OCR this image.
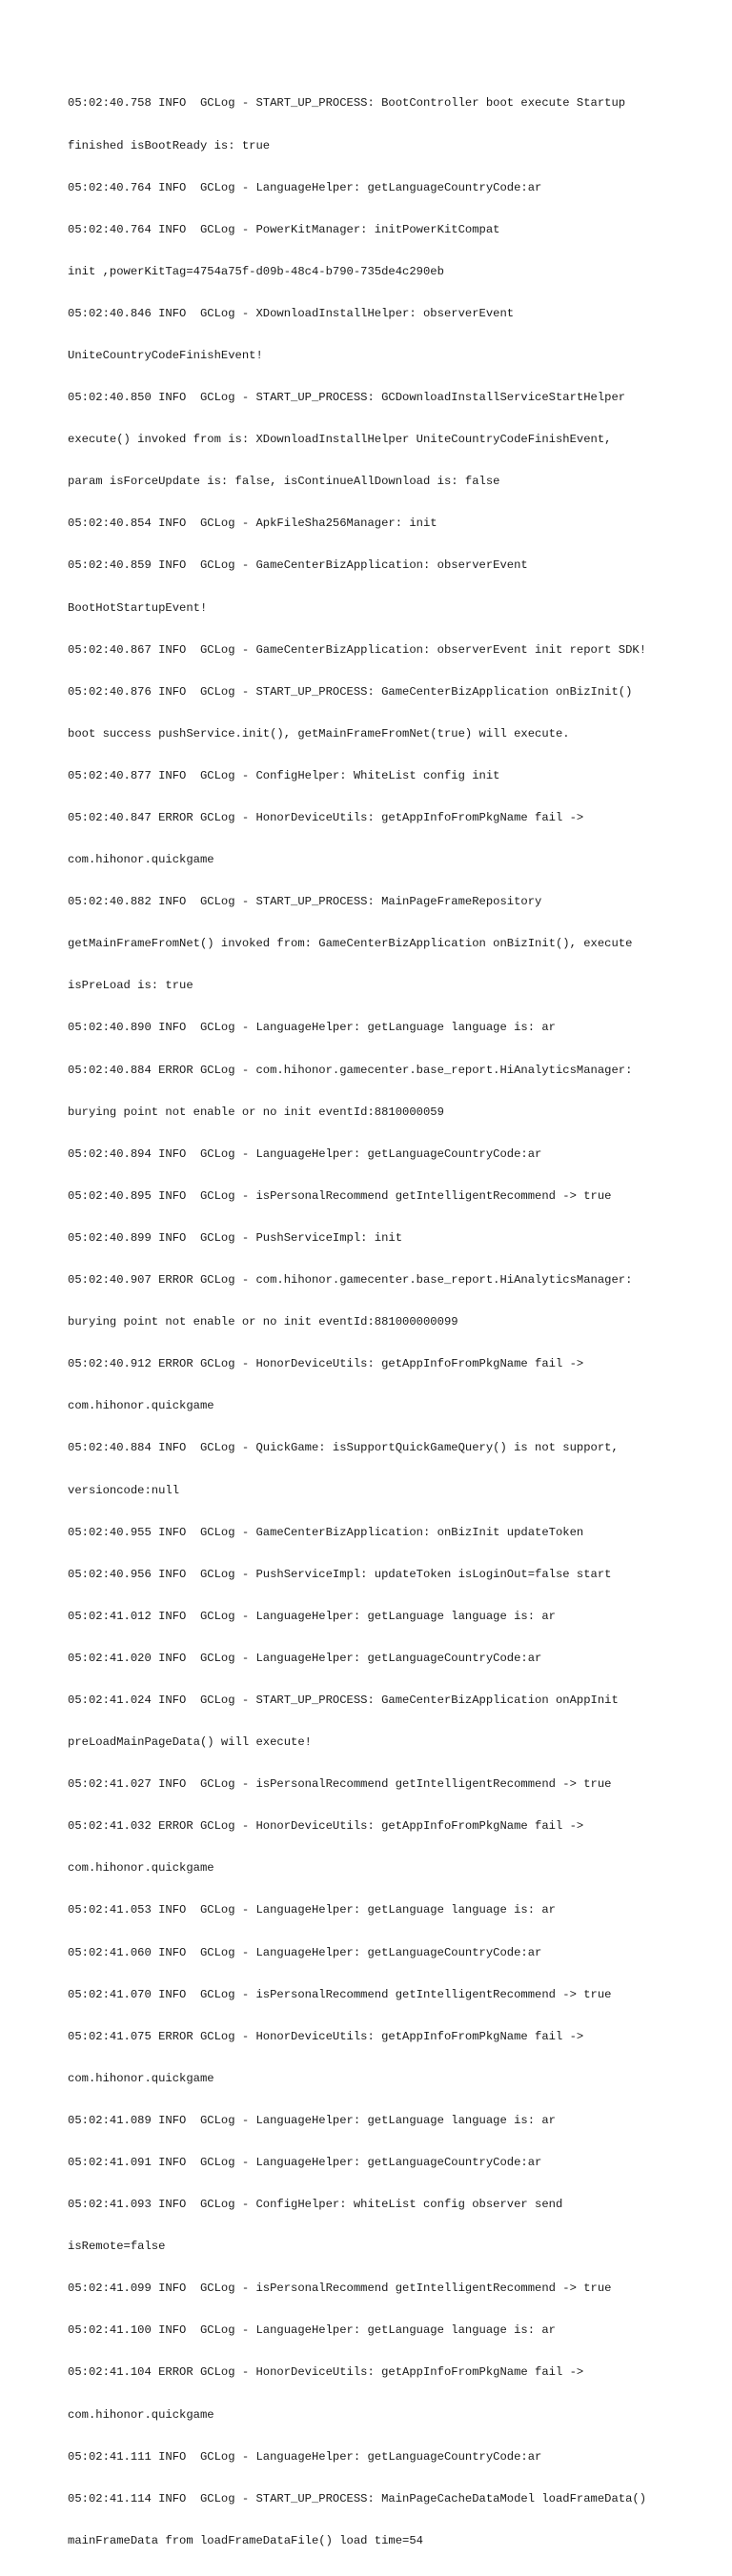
05:02:40.758 INFO  GCLog - START_UP_PROCESS: BootController boot execute Startup

finished isBootReady is: true

05:02:40.764 INFO  GCLog - LanguageHelper: getLanguageCountryCode:ar

05:02:40.764 INFO  GCLog - PowerKitManager: initPowerKitCompat

init ,powerKitTag=4754a75f-d09b-48c4-b790-735de4c290eb

05:02:40.846 INFO  GCLog - XDownloadInstallHelper: observerEvent

UniteCountryCodeFinishEvent!

05:02:40.850 INFO  GCLog - START_UP_PROCESS: GCDownloadInstallServiceStartHelper

execute() invoked from is: XDownloadInstallHelper UniteCountryCodeFinishEvent,

param isForceUpdate is: false, isContinueAllDownload is: false

05:02:40.854 INFO  GCLog - ApkFileSha256Manager: init

05:02:40.859 INFO  GCLog - GameCenterBizApplication: observerEvent

BootHotStartupEvent!

05:02:40.867 INFO  GCLog - GameCenterBizApplication: observerEvent init report SDK!

05:02:40.876 INFO  GCLog - START_UP_PROCESS: GameCenterBizApplication onBizInit()

boot success pushService.init(), getMainFrameFromNet(true) will execute.

05:02:40.877 INFO  GCLog - ConfigHelper: WhiteList config init

05:02:40.847 ERROR GCLog - HonorDeviceUtils: getAppInfoFromPkgName fail ->

com.hihonor.quickgame

05:02:40.882 INFO  GCLog - START_UP_PROCESS: MainPageFrameRepository

getMainFrameFromNet() invoked from: GameCenterBizApplication onBizInit(), execute

isPreLoad is: true

05:02:40.890 INFO  GCLog - LanguageHelper: getLanguage language is: ar

05:02:40.884 ERROR GCLog - com.hihonor.gamecenter.base_report.HiAnalyticsManager:

burying point not enable or no init eventId:8810000059

05:02:40.894 INFO  GCLog - LanguageHelper: getLanguageCountryCode:ar

05:02:40.895 INFO  GCLog - isPersonalRecommend getIntelligentRecommend -> true

05:02:40.899 INFO  GCLog - PushServiceImpl: init

05:02:40.907 ERROR GCLog - com.hihonor.gamecenter.base_report.HiAnalyticsManager:

burying point not enable or no init eventId:881000000099

05:02:40.912 ERROR GCLog - HonorDeviceUtils: getAppInfoFromPkgName fail ->

com.hihonor.quickgame

05:02:40.884 INFO  GCLog - QuickGame: isSupportQuickGameQuery() is not support,

versioncode:null

05:02:40.955 INFO  GCLog - GameCenterBizApplication: onBizInit updateToken

05:02:40.956 INFO  GCLog - PushServiceImpl: updateToken isLoginOut=false start

05:02:41.012 INFO  GCLog - LanguageHelper: getLanguage language is: ar

05:02:41.020 INFO  GCLog - LanguageHelper: getLanguageCountryCode:ar

05:02:41.024 INFO  GCLog - START_UP_PROCESS: GameCenterBizApplication onAppInit

preLoadMainPageData() will execute!

05:02:41.027 INFO  GCLog - isPersonalRecommend getIntelligentRecommend -> true

05:02:41.032 ERROR GCLog - HonorDeviceUtils: getAppInfoFromPkgName fail ->

com.hihonor.quickgame

05:02:41.053 INFO  GCLog - LanguageHelper: getLanguage language is: ar

05:02:41.060 INFO  GCLog - LanguageHelper: getLanguageCountryCode:ar

05:02:41.070 INFO  GCLog - isPersonalRecommend getIntelligentRecommend -> true

05:02:41.075 ERROR GCLog - HonorDeviceUtils: getAppInfoFromPkgName fail ->

com.hihonor.quickgame

05:02:41.089 INFO  GCLog - LanguageHelper: getLanguage language is: ar

05:02:41.091 INFO  GCLog - LanguageHelper: getLanguageCountryCode:ar

05:02:41.093 INFO  GCLog - ConfigHelper: whiteList config observer send

isRemote=false

05:02:41.099 INFO  GCLog - isPersonalRecommend getIntelligentRecommend -> true

05:02:41.100 INFO  GCLog - LanguageHelper: getLanguage language is: ar

05:02:41.104 ERROR GCLog - HonorDeviceUtils: getAppInfoFromPkgName fail ->

com.hihonor.quickgame

05:02:41.111 INFO  GCLog - LanguageHelper: getLanguageCountryCode:ar

05:02:41.114 INFO  GCLog - START_UP_PROCESS: MainPageCacheDataModel loadFrameData()

mainFrameData from loadFrameDataFile() load time=54
